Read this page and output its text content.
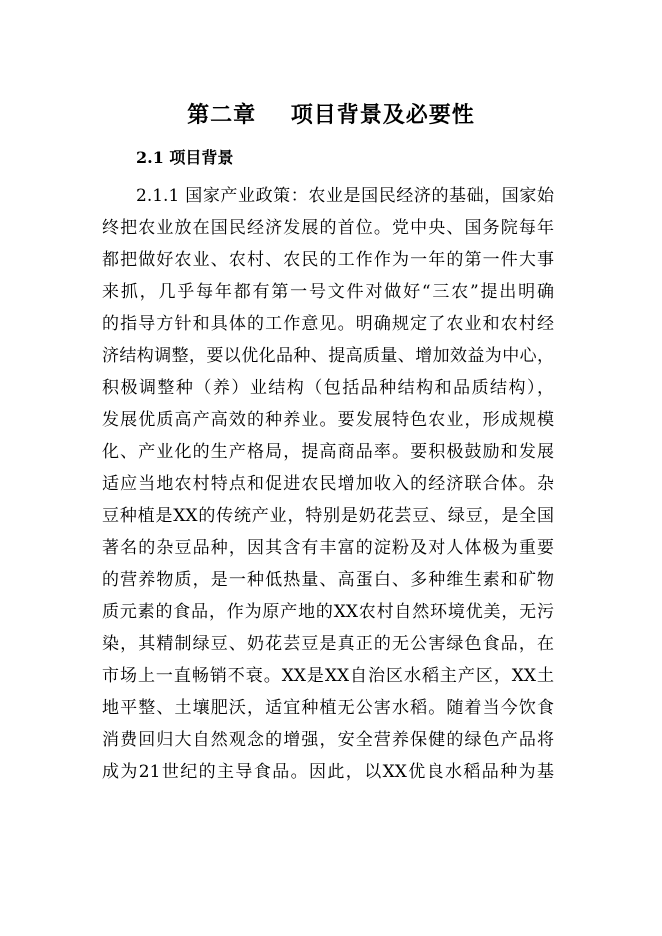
第二章    项目背景及必要性
2.1 项目背景
2.1.1 国家产业政策：农业是国民经济的基础，国家始
终把农业放在国民经济发展的首位。党中央、国务院每年
都把做好农业、农村、农民的工作作为一年的第一件大事
来抓，几乎每年都有第一号文件对做好“三农”提出明确
的指导方针和具体的工作意见。明确规定了农业和农村经
济结构调整，要以优化品种、提高质量、增加效益为中心，
积极调整种（养）业结构（包括品种结构和品质结构），
发展优质高产高效的种养业。要发展特色农业，形成规模
化、产业化的生产格局，提高商品率。要积极鼓励和发展
适应当地农村特点和促进农民增加收入的经济联合体。杂
豆种植是XX的传统产业，特别是奶花芸豆、绿豆，是全国
著名的杂豆品种，因其含有丰富的淀粉及对人体极为重要
的营养物质，是一种低热量、高蛋白、多种维生素和矿物
质元素的食品，作为原产地的XX农村自然环境优美，无污
染，其精制绿豆、奶花芸豆是真正的无公害绿色食品，在
市场上一直畅销不衰。XX是XX自治区水稻主产区，XX土
地平整、土壤肥沃，适宜种植无公害水稻。随着当今饮食
消费回归大自然观念的增强，安全营养保健的绿色产品将
成为21世纪的主导食品。因此，以XX优良水稻品种为基
